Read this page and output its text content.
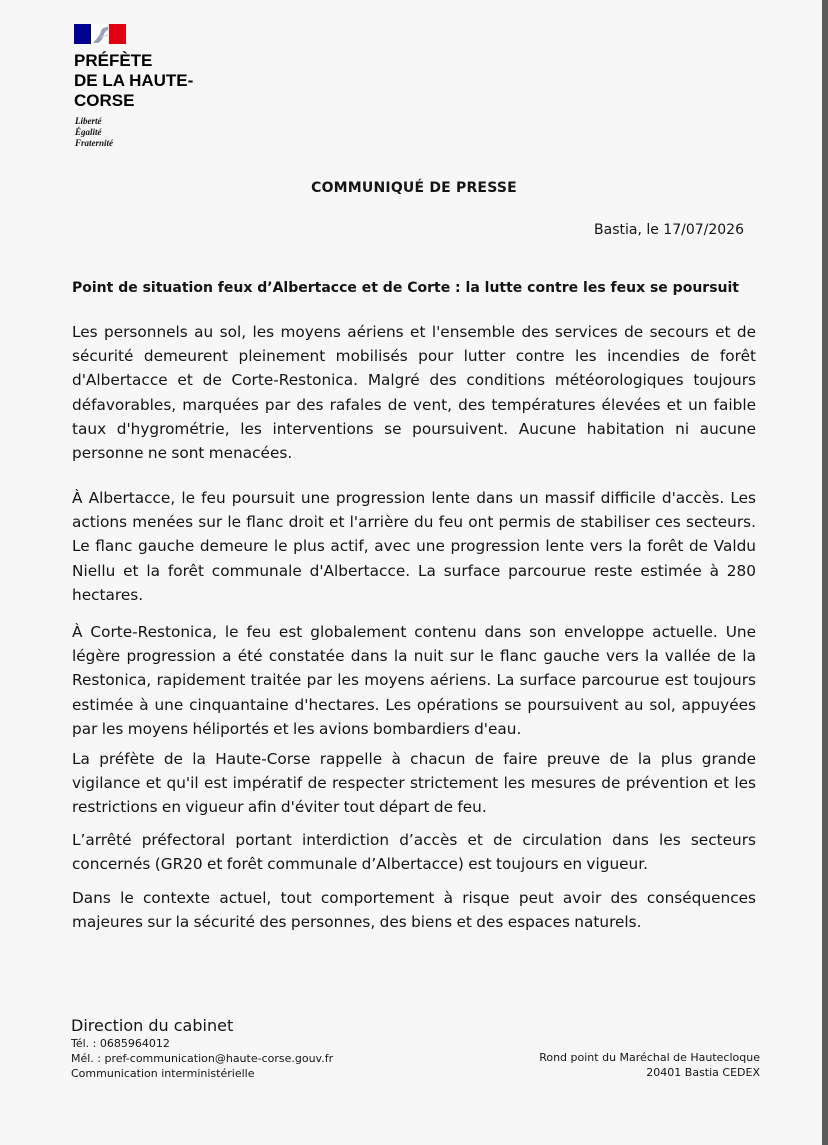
PRÉFÈTE
DE LA HAUTE-
CORSE
Liberté
Égalité
Fraternité
COMMUNIQUÉ DE PRESSE
Bastia, le 17/07/2026
Point de situation feux d’Albertacce et de Corte : la lutte contre les feux se poursuit

Les personnels au sol, les moyens aériens et l'ensemble des services de secours et de sécurité demeurent pleinement mobilisés pour lutter contre les incendies de forêt d'Albertacce et de Corte-Restonica. Malgré des conditions météorologiques toujours défavorables, marquées par des rafales de vent, des températures élevées et un faible taux d'hygrométrie, les interventions se poursuivent. Aucune habitation ni aucune personne ne sont menacées.

À Albertacce, le feu poursuit une progression lente dans un massif difficile d'accès. Les actions menées sur le flanc droit et l'arrière du feu ont permis de stabiliser ces secteurs. Le flanc gauche demeure le plus actif, avec une progression lente vers la forêt de Valdu Niellu et la forêt communale d'Albertacce. La surface parcourue reste estimée à 280 hectares.

À Corte-Restonica, le feu est globalement contenu dans son enveloppe actuelle. Une légère progression a été constatée dans la nuit sur le flanc gauche vers la vallée de la Restonica, rapidement traitée par les moyens aériens. La surface parcourue est toujours estimée à une cinquantaine d'hectares. Les opérations se poursuivent au sol, appuyées par les moyens héliportés et les avions bombardiers d'eau.

La préfète de la Haute-Corse rappelle à chacun de faire preuve de la plus grande vigilance et qu'il est impératif de respecter strictement les mesures de prévention et les restrictions en vigueur afin d'éviter tout départ de feu.

L’arrêté préfectoral portant interdiction d’accès et de circulation dans les secteurs concernés (GR20 et forêt communale d’Albertacce) est toujours en vigueur.

Dans le contexte actuel, tout comportement à risque peut avoir des conséquences majeures sur la sécurité des personnes, des biens et des espaces naturels.

Direction du cabinet
Tél. : 0685964012
Mél. : pref-communication@haute-corse.gouv.fr
Communication interministérielle
Rond point du Maréchal de Hautecloque
20401 Bastia CEDEX
